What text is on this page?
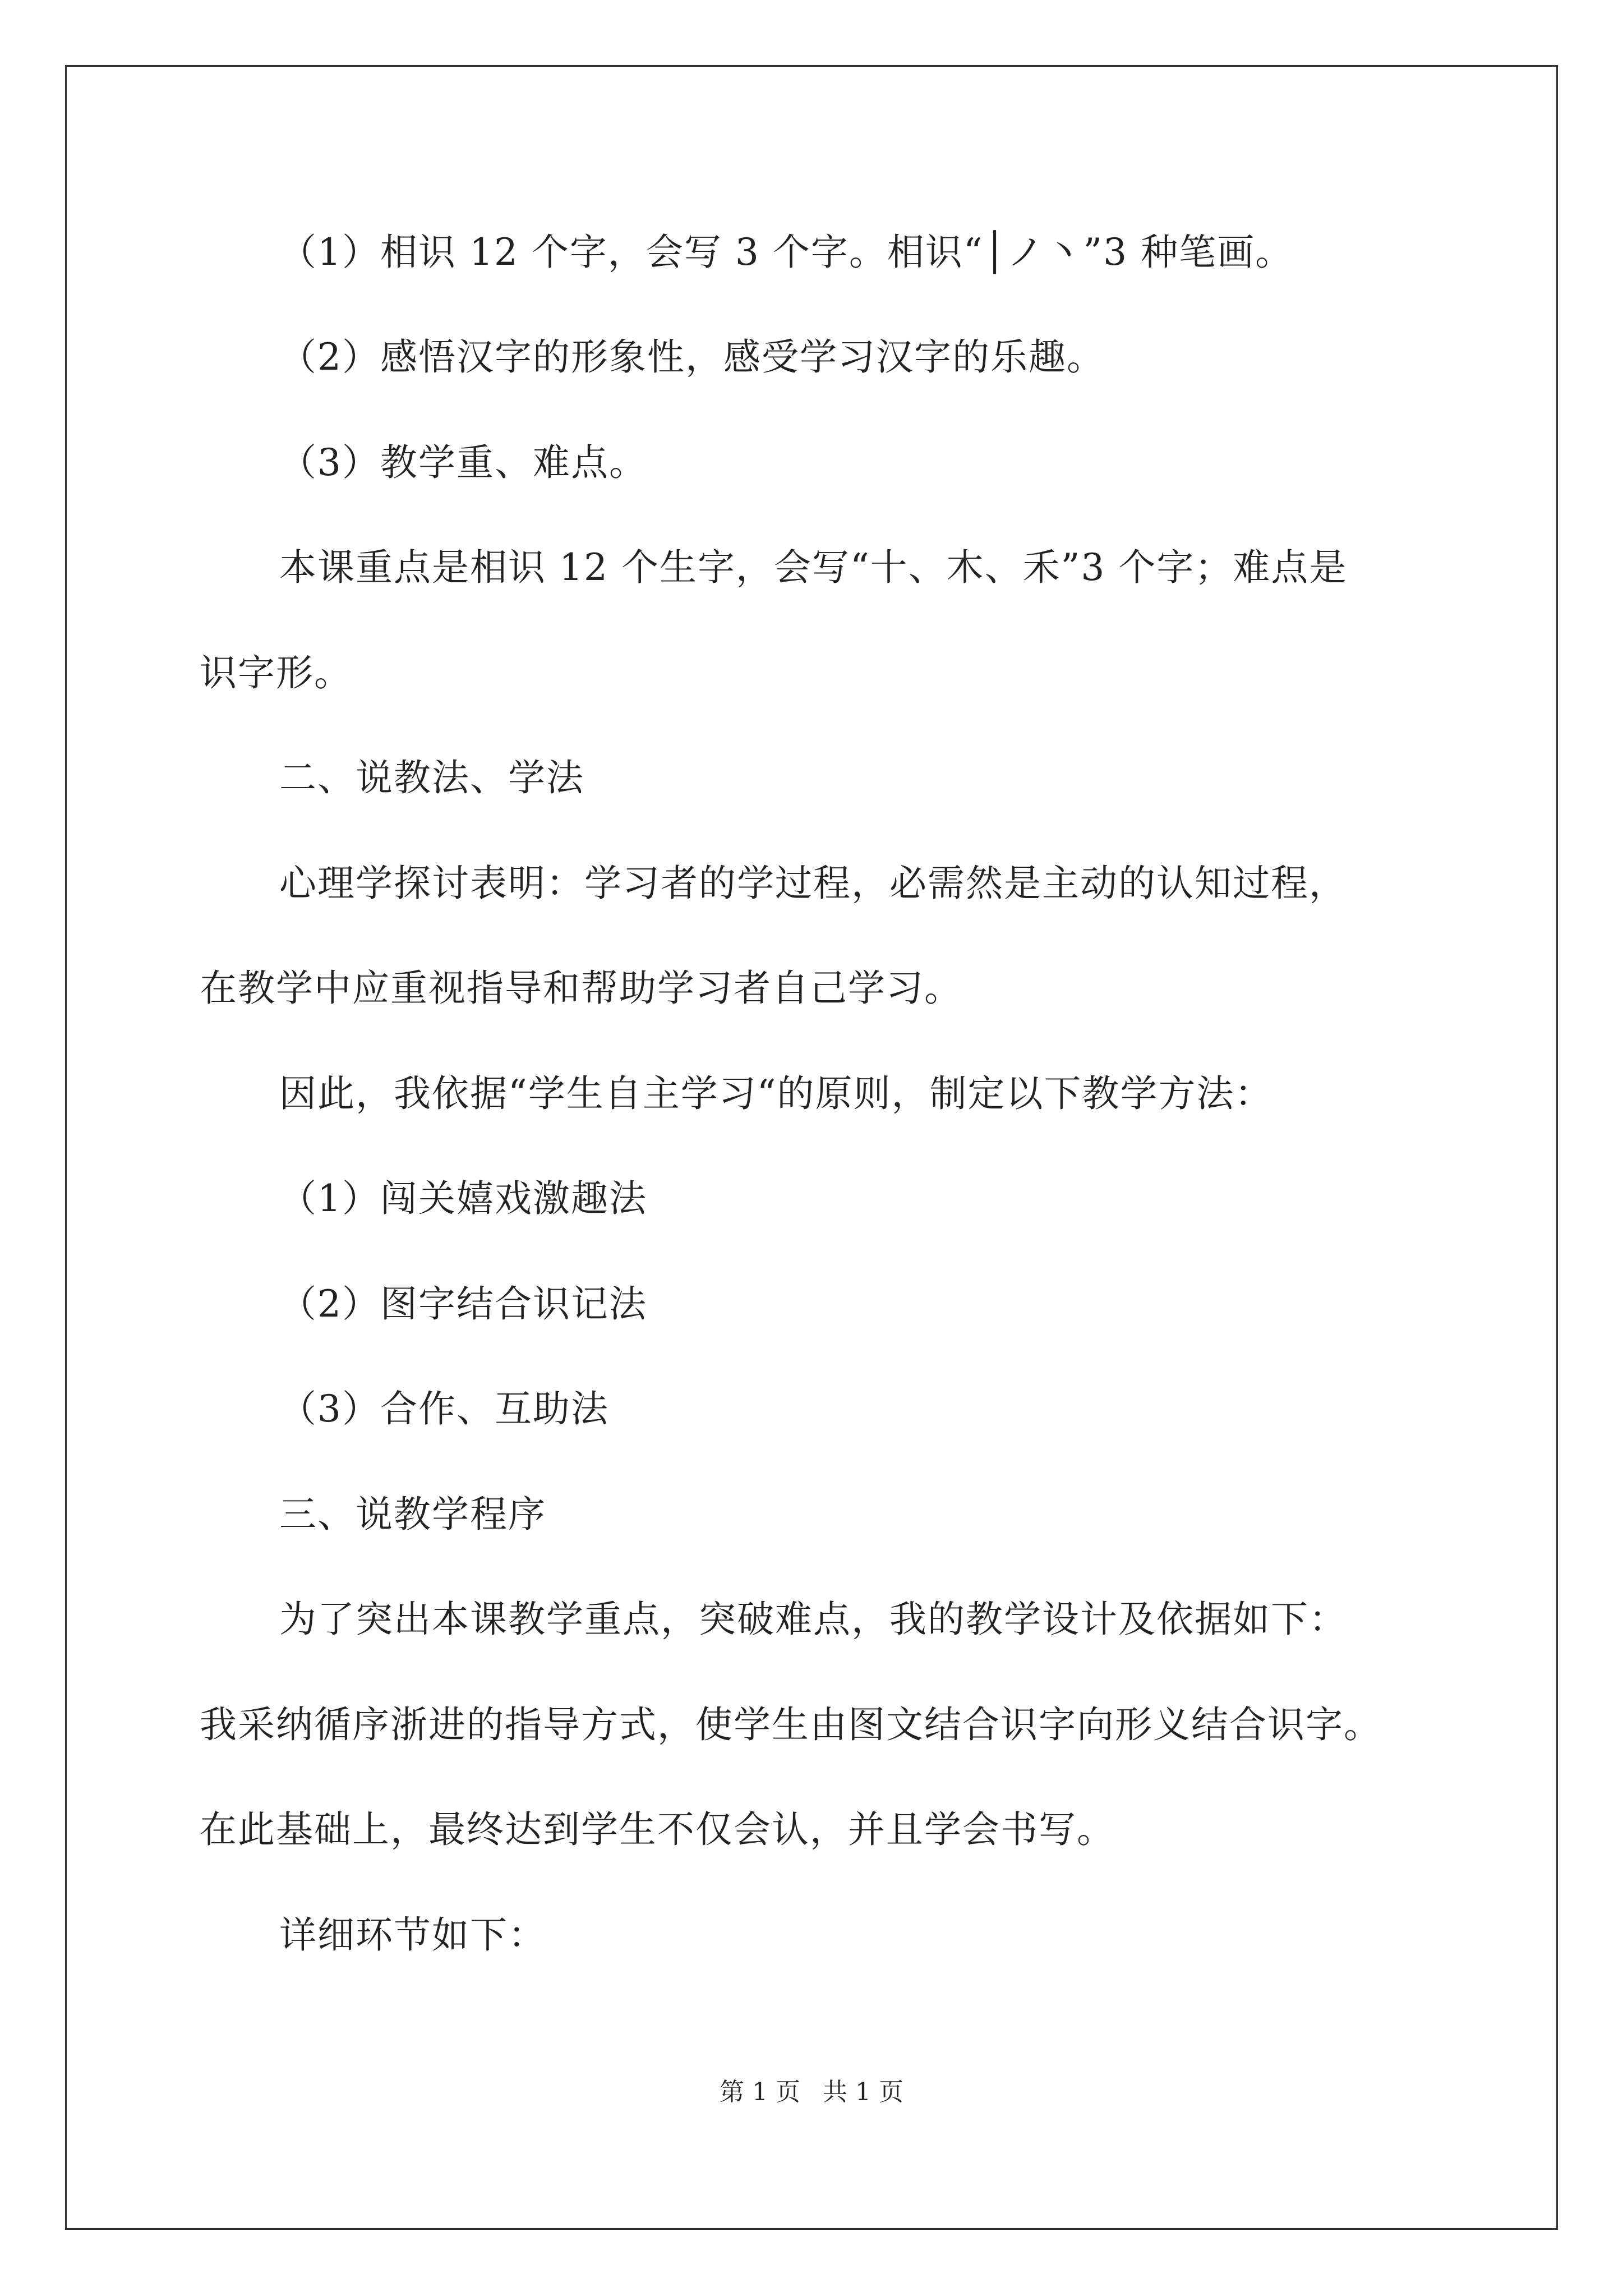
（1）相识 12 个字，会写 3 个字。相识“│ノ丶”3 种笔画。
（2）感悟汉字的形象性，感受学习汉字的乐趣。
（3）教学重、难点。
本课重点是相识 12 个生字，会写“十、木、禾”3 个字；难点是
识字形。
二、说教法、学法
心理学探讨表明：学习者的学过程，必需然是主动的认知过程，
在教学中应重视指导和帮助学习者自己学习。
因此，我依据“学生自主学习“的原则，制定以下教学方法：
（1）闯关嬉戏激趣法
（2）图字结合识记法
（3）合作、互助法
三、说教学程序
为了突出本课教学重点，突破难点，我的教学设计及依据如下：
我采纳循序浙进的指导方式，使学生由图文结合识字向形义结合识字。
在此基础上，最终达到学生不仅会认，并且学会书写。
详细环节如下：
第 1 页 共 1 页
